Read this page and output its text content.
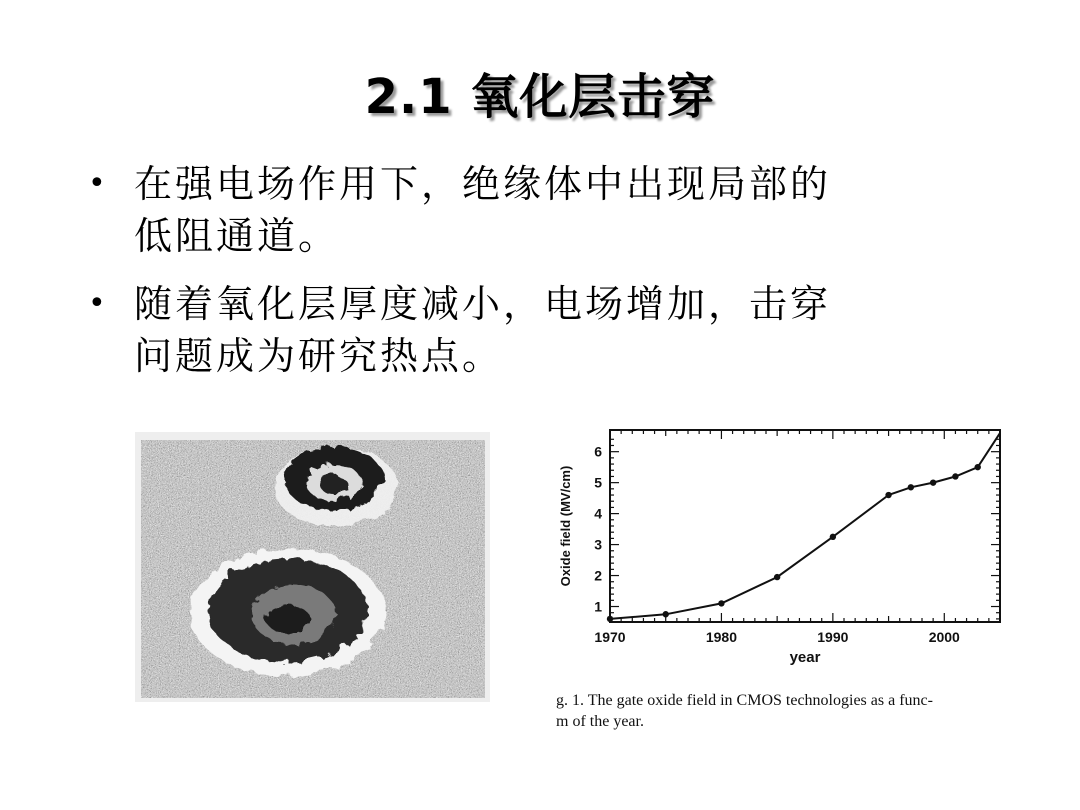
2.1 氧化层击穿
• 在强电场作用下，绝缘体中出现局部的
低阻通道。
• 随着氧化层厚度减小，电场增加，击穿
问题成为研究热点。
1970	1980	1990	2000
1
2
3
4
5
6
year
Oxide field (MV/cm)
g. 1. The gate oxide field in CMOS technologies as a func-
m of the year.
